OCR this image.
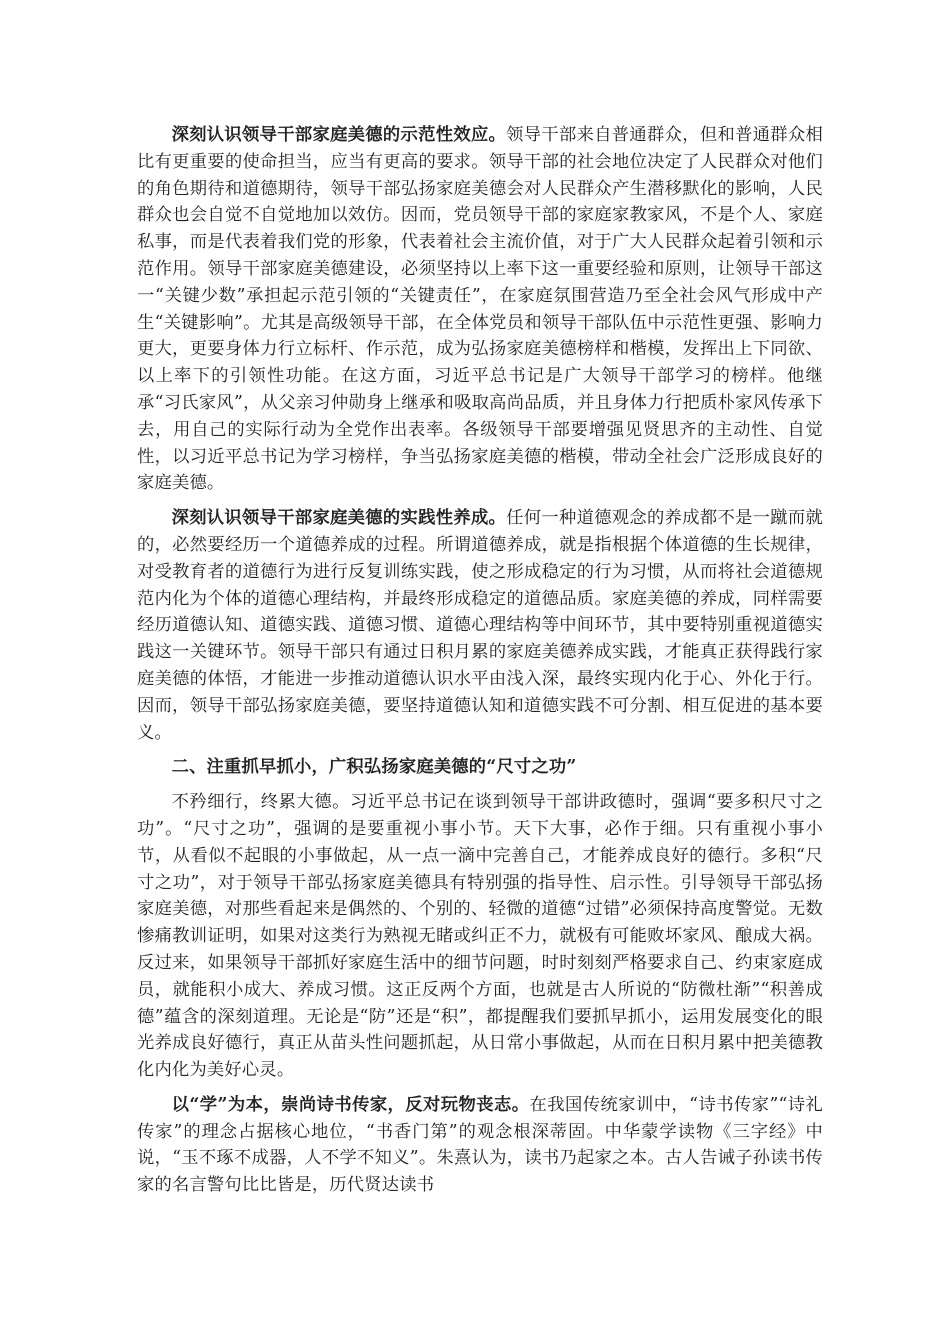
深刻认识领导干部家庭美德的示范性效应。领导干部来自普通群众，但和普通群众相比有更重要的使命担当，应当有更高的要求。领导干部的社会地位决定了人民群众对他们的角色期待和道德期待，领导干部弘扬家庭美德会对人民群众产生潜移默化的影响，人民群众也会自觉不自觉地加以效仿。因而，党员领导干部的家庭家教家风，不是个人、家庭私事，而是代表着我们党的形象，代表着社会主流价值，对于广大人民群众起着引领和示范作用。领导干部家庭美德建设，必须坚持以上率下这一重要经验和原则，让领导干部这一“关键少数”承担起示范引领的“关键责任”，在家庭氛围营造乃至全社会风气形成中产生“关键影响”。尤其是高级领导干部，在全体党员和领导干部队伍中示范性更强、影响力更大，更要身体力行立标杆、作示范，成为弘扬家庭美德榜样和楷模，发挥出上下同欲、以上率下的引领性功能。在这方面，习近平总书记是广大领导干部学习的榜样。他继承“习氏家风”，从父亲习仲勋身上继承和吸取高尚品质，并且身体力行把质朴家风传承下去，用自己的实际行动为全党作出表率。各级领导干部要增强见贤思齐的主动性、自觉性，以习近平总书记为学习榜样，争当弘扬家庭美德的楷模，带动全社会广泛形成良好的家庭美德。

深刻认识领导干部家庭美德的实践性养成。任何一种道德观念的养成都不是一蹴而就的，必然要经历一个道德养成的过程。所谓道德养成，就是指根据个体道德的生长规律，对受教育者的道德行为进行反复训练实践，使之形成稳定的行为习惯，从而将社会道德规范内化为个体的道德心理结构，并最终形成稳定的道德品质。家庭美德的养成，同样需要经历道德认知、道德实践、道德习惯、道德心理结构等中间环节，其中要特别重视道德实践这一关键环节。领导干部只有通过日积月累的家庭美德养成实践，才能真正获得践行家庭美德的体悟，才能进一步推动道德认识水平由浅入深，最终实现内化于心、外化于行。因而，领导干部弘扬家庭美德，要坚持道德认知和道德实践不可分割、相互促进的基本要义。

二、注重抓早抓小，广积弘扬家庭美德的“尺寸之功”

不矜细行，终累大德。习近平总书记在谈到领导干部讲政德时，强调“要多积尺寸之功”。“尺寸之功”，强调的是要重视小事小节。天下大事，必作于细。只有重视小事小节，从看似不起眼的小事做起，从一点一滴中完善自己，才能养成良好的德行。多积“尺寸之功”，对于领导干部弘扬家庭美德具有特别强的指导性、启示性。引导领导干部弘扬家庭美德，对那些看起来是偶然的、个别的、轻微的道德“过错”必须保持高度警觉。无数惨痛教训证明，如果对这类行为熟视无睹或纠正不力，就极有可能败坏家风、酿成大祸。反过来，如果领导干部抓好家庭生活中的细节问题，时时刻刻严格要求自己、约束家庭成员，就能积小成大、养成习惯。这正反两个方面，也就是古人所说的“防微杜渐”“积善成德”蕴含的深刻道理。无论是“防”还是“积”，都提醒我们要抓早抓小，运用发展变化的眼光养成良好德行，真正从苗头性问题抓起，从日常小事做起，从而在日积月累中把美德教化内化为美好心灵。

以“学”为本，崇尚诗书传家，反对玩物丧志。在我国传统家训中，“诗书传家”“诗礼传家”的理念占据核心地位，“书香门第”的观念根深蒂固。中华蒙学读物《三字经》中说，“玉不琢不成器，人不学不知义”。朱熹认为，读书乃起家之本。古人告诫子孙读书传家的名言警句比比皆是，历代贤达读书
